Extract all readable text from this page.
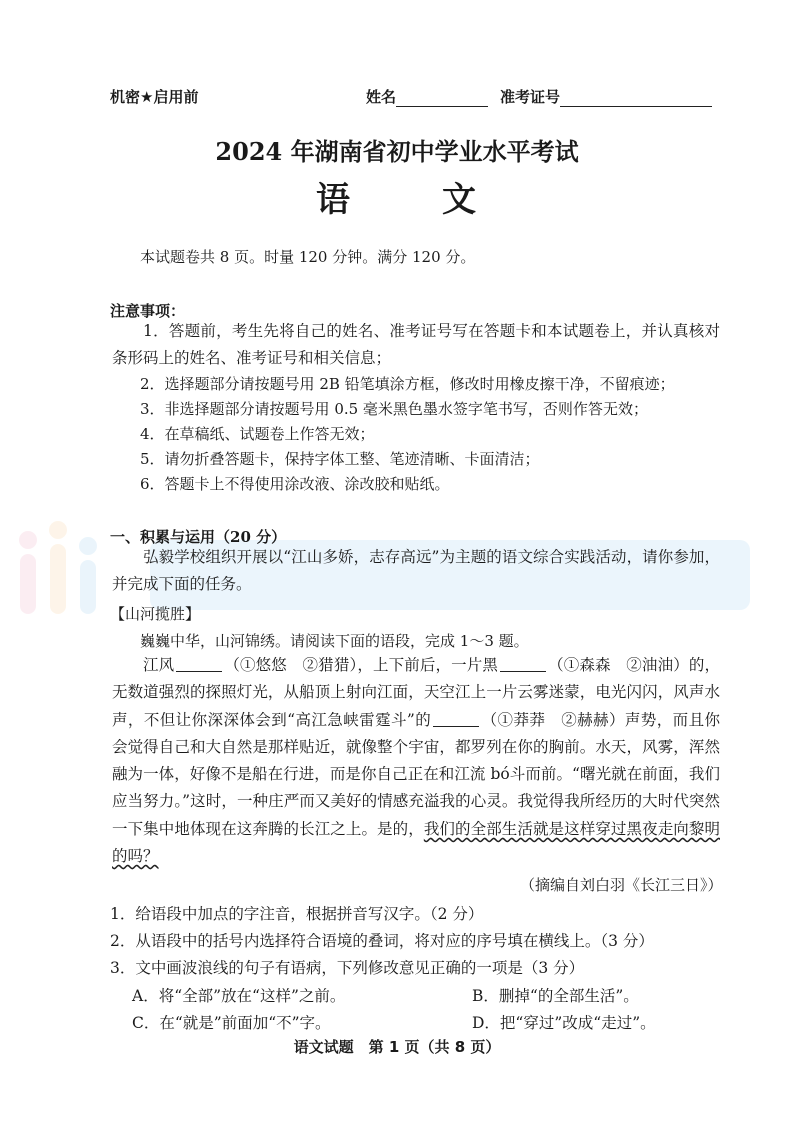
机密★启用前	姓名	准考证号
2024 年湖南省初中学业水平考试
语	文
本试题卷共 8 页。时量 120 分钟。满分 120 分。
注意事项：
1．答题前，考生先将自己的姓名、准考证号写在答题卡和本试题卷上，并认真核对条形码上的姓名、准考证号和相关信息；
2．选择题部分请按题号用 2B 铅笔填涂方框，修改时用橡皮擦干净，不留痕迹；
3．非选择题部分请按题号用 0.5 毫米黑色墨水签字笔书写，否则作答无效；
4．在草稿纸、试题卷上作答无效；
5．请勿折叠答题卡，保持字体工整、笔迹清晰、卡面清洁；
6．答题卡上不得使用涂改液、涂改胶和贴纸。
一、积累与运用（20 分）
弘毅学校组织开展以“江山多娇，志存高远”为主题的语文综合实践活动，请你参加，并完成下面的任务。
【山河揽胜】
巍巍中华，山河锦绣。请阅读下面的语段，完成 1～3 题。
江风	（①悠悠　②猎猎），上下前后，一片黑	（①森森　②油油）的，无数道强烈的探照灯光，从船顶上射向江面，天空江上一片云雾迷蒙，电光闪闪，风声水声，不但让你深深体会到“高江急峡雷霆斗”的	（①莽莽　②赫赫）声势，而且你会觉得自己和大自然是那样贴近，就像整个宇宙，都罗列在你的胸前。水天，风雾，浑然融为一体，好像不是船在行进，而是你自己正在和江流 bó斗而前。“曙光就在前面，我们应当努力。”这时，一种庄严而又美好的情感充溢我的心灵。我觉得我所经历的大时代突然一下集中地体现在这奔腾的长江之上。是的，我们的全部生活就是这样穿过黑夜走向黎明的吗？
（摘编自刘白羽《长江三日》）
1．给语段中加点的字注音，根据拼音写汉字。（2 分）
2．从语段中的括号内选择符合语境的叠词，将对应的序号填在横线上。（3 分）
3．文中画波浪线的句子有语病，下列修改意见正确的一项是（3 分）
A．将“全部”放在“这样”之前。	B．删掉“的全部生活”。
C．在“就是”前面加“不”字。	D．把“穿过”改成“走过”。
语文试题　第 1 页（共 8 页）
